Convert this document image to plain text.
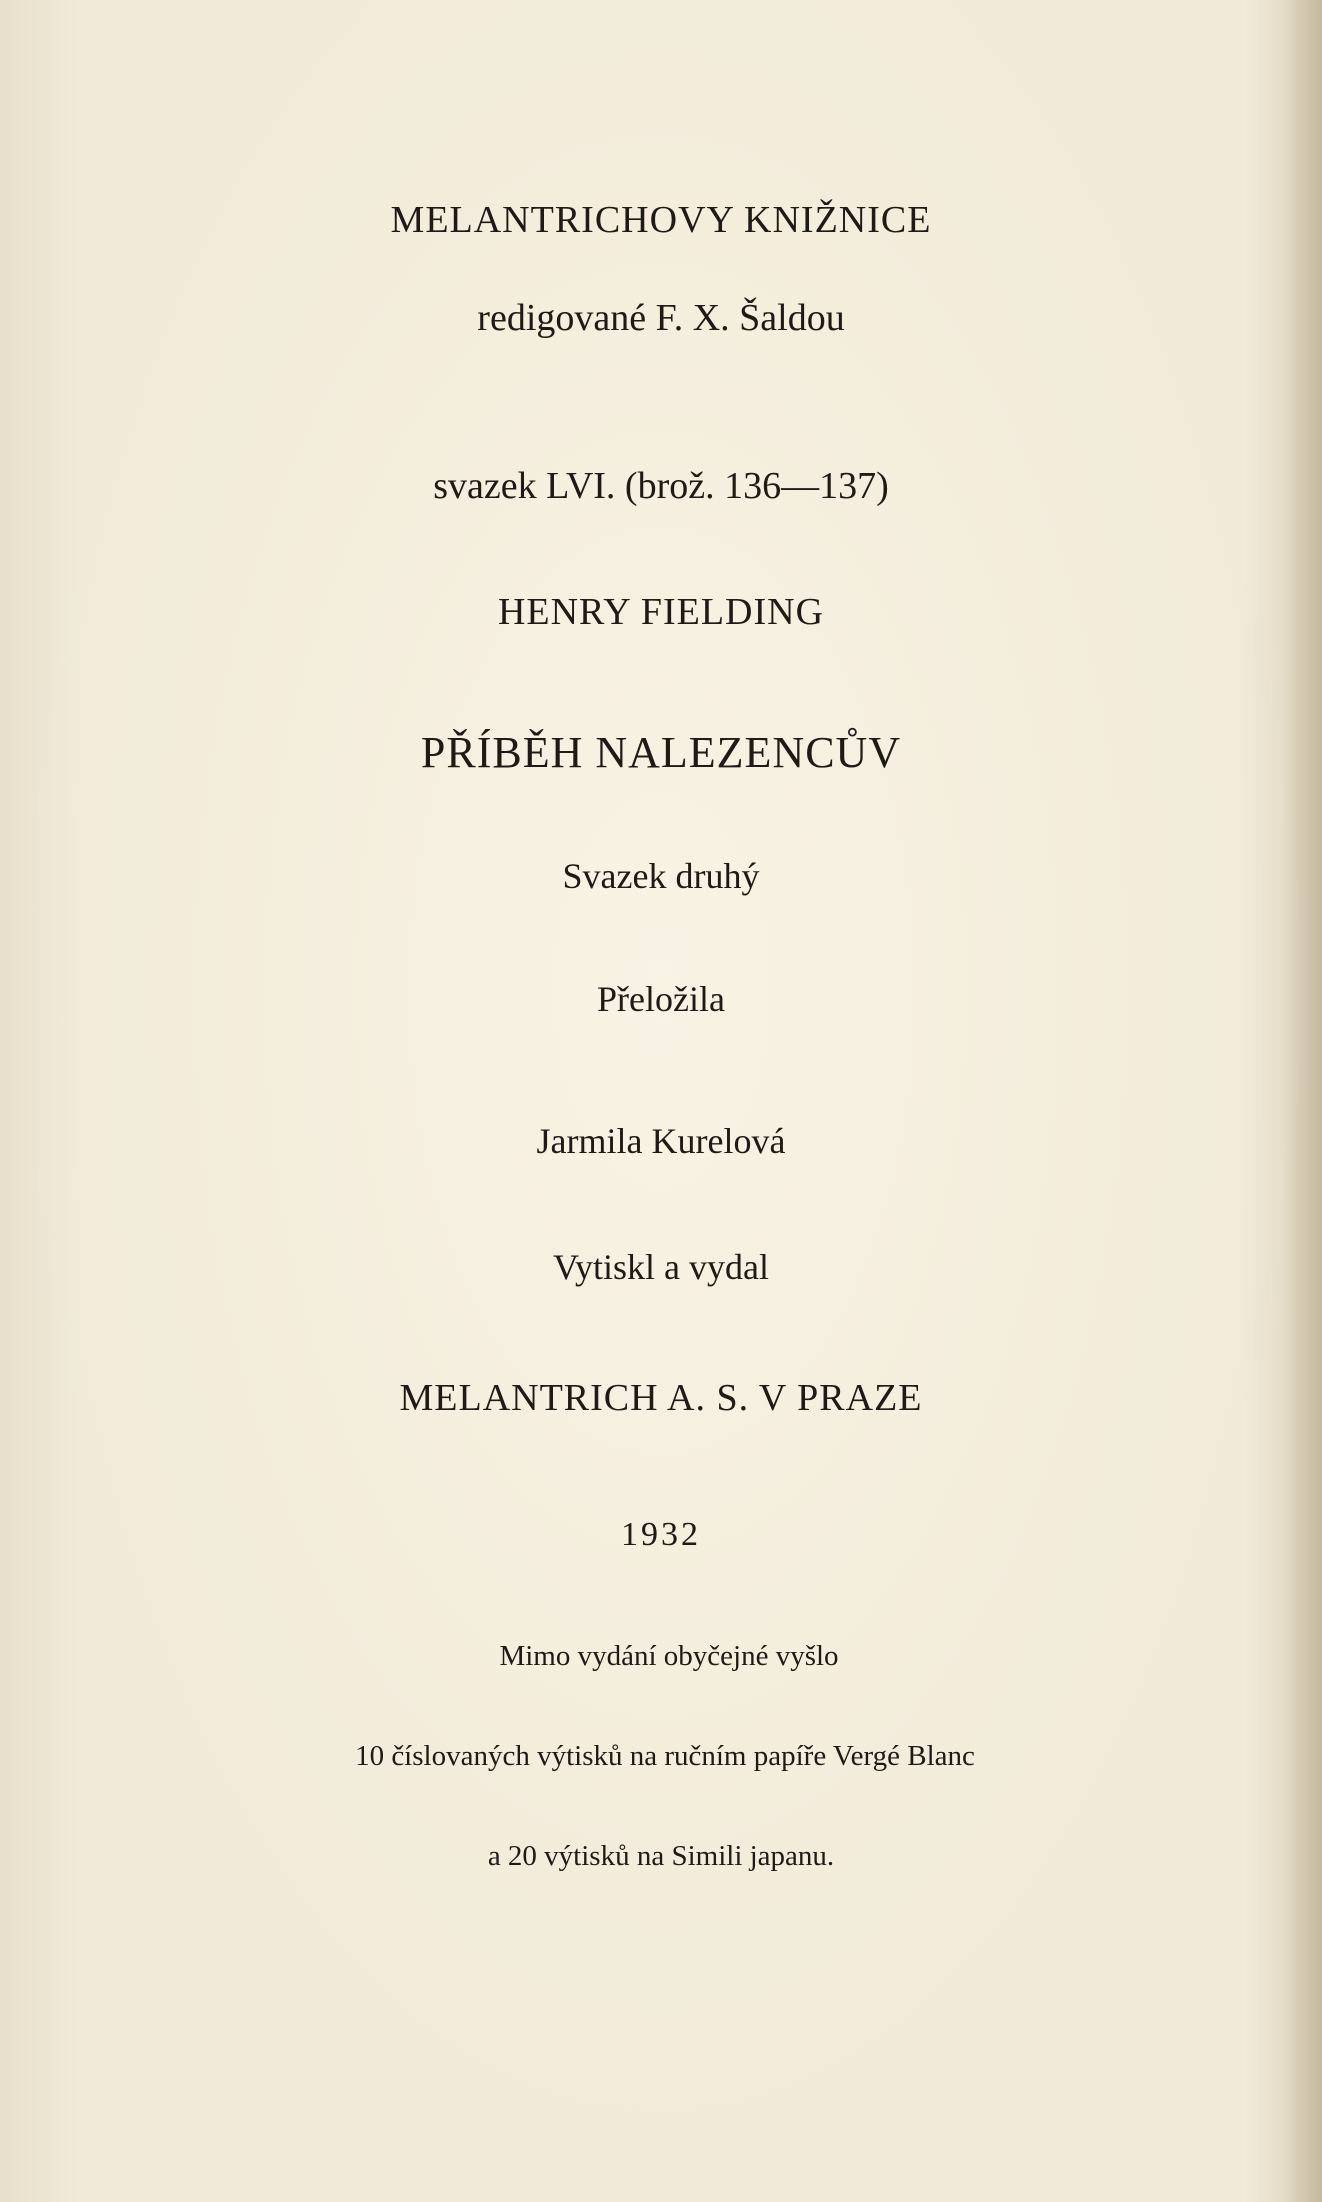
MELANTRICHOVY KNIŽNICE
redigované F. X. Šaldou
svazek LVI. (brož. 136—137)
HENRY FIELDING
PŘÍBĚH NALEZENCŮV
Svazek druhý
Přeložila
Jarmila Kurelová
Vytiskl a vydal
MELANTRICH A. S. V PRAZE
1932
Mimo vydání obyčejné vyšlo
10 číslovaných výtisků na ručním papíře Vergé Blanc
a 20 výtisků na Simili japanu.
